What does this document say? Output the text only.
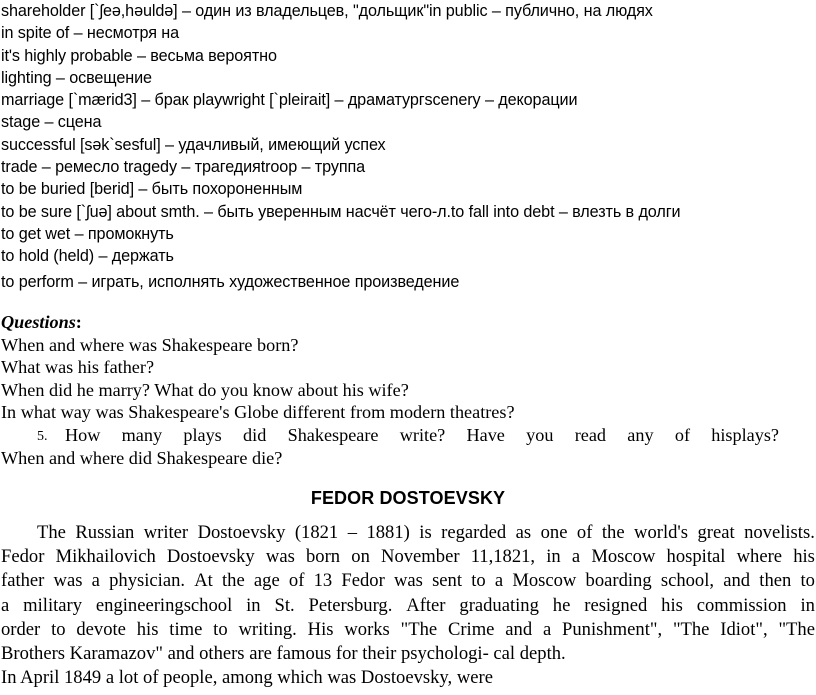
shareholder [`ʃeə,həuldə] – один из владельцев, "дольщик"in public – публично, на людях
in spite of – несмотря на
it's highly probable – весьма вероятно
lighting – освещение
marriage [`mærid3] – брак playwright [`pleirait] – драматургscenery – декорации
stage – сцена
successful [sək`sesful] – удачливый, имеющий успех
trade – ремесло tragedy – трагедияtroop – труппа
to be buried [berid] – быть похороненным
to be sure [`ʃuə] about smth. – быть уверенным насчёт чего-л.to fall into debt – влезть в долги
to get wet – промокнуть
to hold (held) – держать
to perform – играть, исполнять художественное произведение
Questions:
When and where was Shakespeare born?
What was his father?
When did he marry? What do you know about his wife?
In what way was Shakespeare's Globe different from modern theatres?
5. How many plays did Shakespeare write? Have you read any of hisplays?
When and where did Shakespeare die?
FEDOR DOSTOEVSKY
The Russian writer Dostoevsky (1821 – 1881) is regarded as one of the world's great novelists.
Fedor Mikhailovich Dostoevsky was born on November 11,1821, in a Moscow hospital where his
father was a physician. At the age of 13 Fedor was sent to a Moscow boarding school, and then to
a military engineeringschool in St. Petersburg. After graduating he resigned his commission in
order to devote his time to writing. His works "The Crime and a Punishment", "The Idiot", "The
Brothers Karamazov" and others are famous for their psychologi- cal depth.
In April 1849 a lot of people, among which was Dostoevsky, were
